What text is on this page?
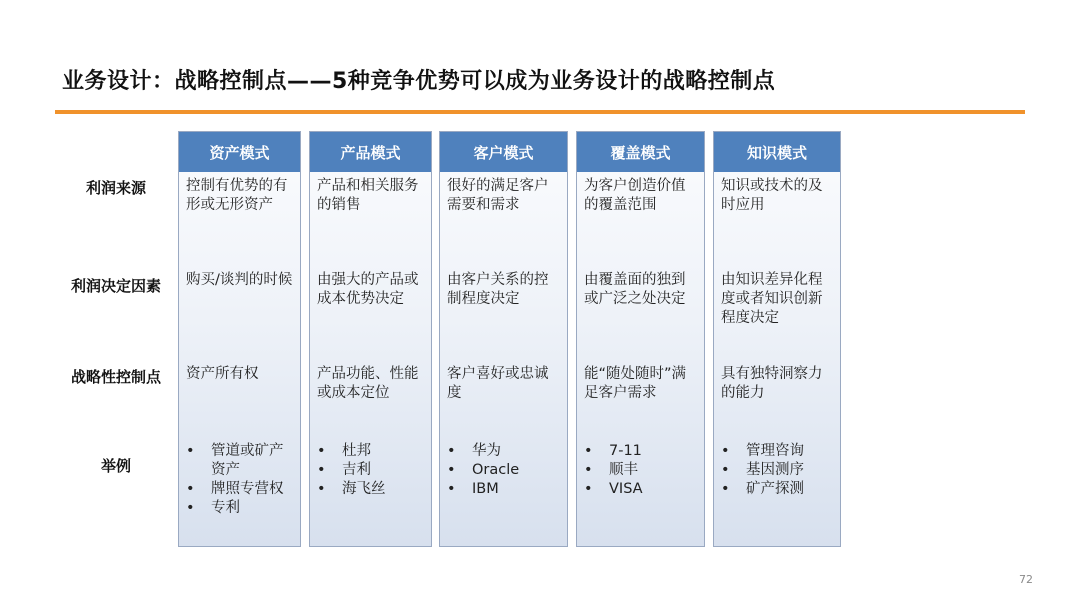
业务设计：战略控制点——5种竞争优势可以成为业务设计的战略控制点
利润来源
利润决定因素
战略性控制点
举例
资产模式
控制有优势的有形或无形资产
购买/谈判的时候
资产所有权
• 管道或矿产资产
• 牌照专营权
• 专利
产品模式
产品和相关服务的销售
由强大的产品或成本优势决定
产品功能、性能或成本定位
• 杜邦
• 吉利
• 海飞丝
客户模式
很好的满足客户需要和需求
由客户关系的控制程度决定
客户喜好或忠诚度
• 华为
• Oracle
• IBM
覆盖模式
为客户创造价值的覆盖范围
由覆盖面的独到或广泛之处决定
能“随处随时”满足客户需求
• 7-11
• 顺丰
• VISA
知识模式
知识或技术的及时应用
由知识差异化程度或者知识创新程度决定
具有独特洞察力的能力
• 管理咨询
• 基因测序
• 矿产探测
72
